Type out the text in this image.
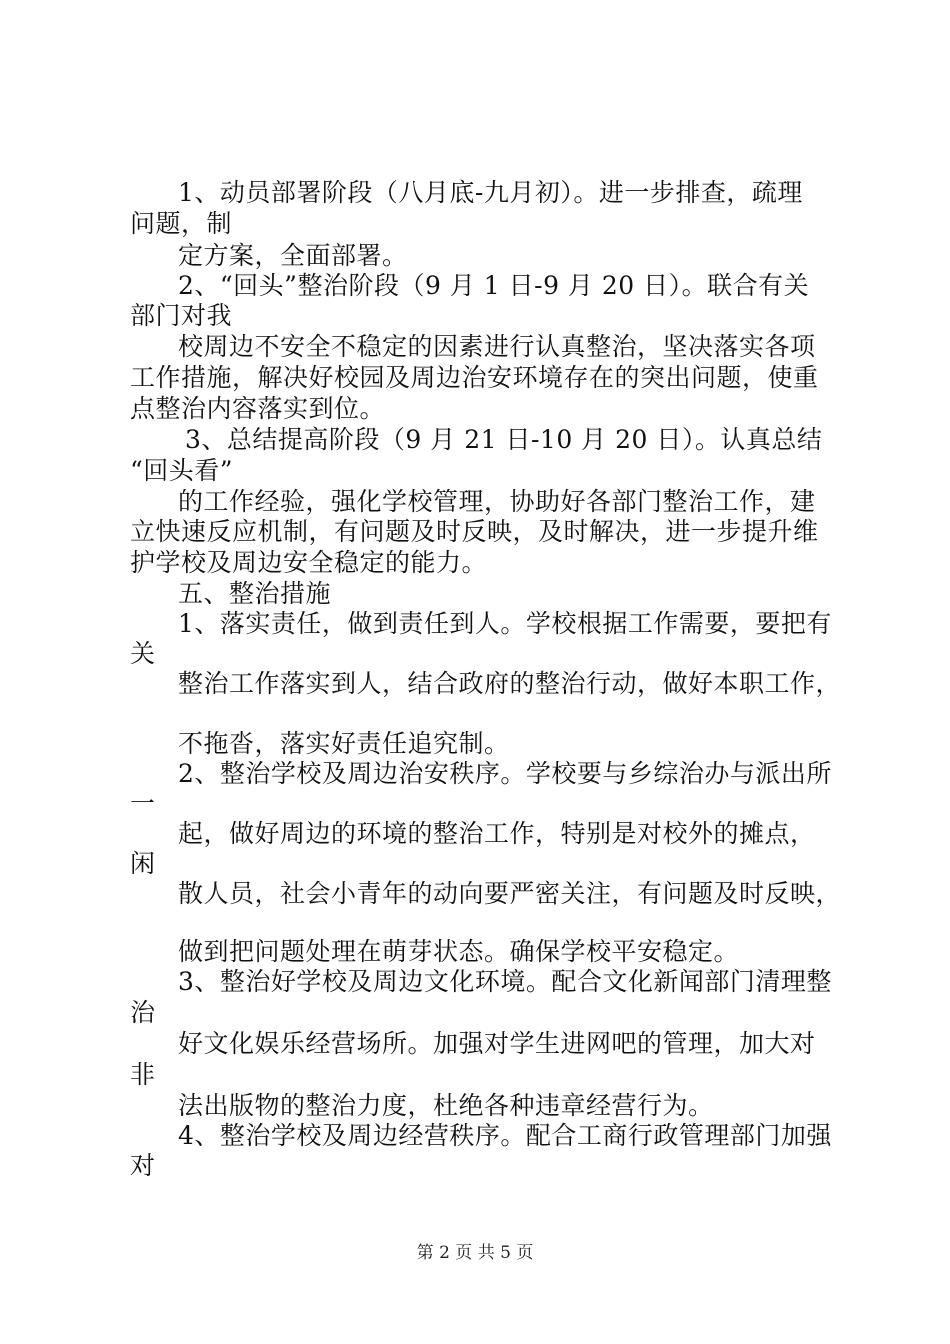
1、动员部署阶段（八月底-九月初）。进一步排查，疏理
问题，制
定方案，全面部署。
2、“回头”整治阶段（9 月 1 日-9 月 20 日）。联合有关
部门对我
校周边不安全不稳定的因素进行认真整治，坚决落实各项
工作措施，解决好校园及周边治安环境存在的突出问题，使重
点整治内容落实到位。
3、总结提高阶段（9 月 21 日-10 月 20 日）。认真总结
“回头看”
的工作经验，强化学校管理，协助好各部门整治工作，建
立快速反应机制，有问题及时反映，及时解决，进一步提升维
护学校及周边安全稳定的能力。
五、整治措施
1、落实责任，做到责任到人。学校根据工作需要，要把有
关
整治工作落实到人，结合政府的整治行动，做好本职工作，
不拖沓，落实好责任追究制。
2、整治学校及周边治安秩序。学校要与乡综治办与派出所
一
起，做好周边的环境的整治工作，特别是对校外的摊点，
闲
散人员，社会小青年的动向要严密关注，有问题及时反映，
做到把问题处理在萌芽状态。确保学校平安稳定。
3、整治好学校及周边文化环境。配合文化新闻部门清理整
治
好文化娱乐经营场所。加强对学生进网吧的管理，加大对
非
法出版物的整治力度，杜绝各种违章经营行为。
4、整治学校及周边经营秩序。配合工商行政管理部门加强
对
第 2 页 共 5 页
